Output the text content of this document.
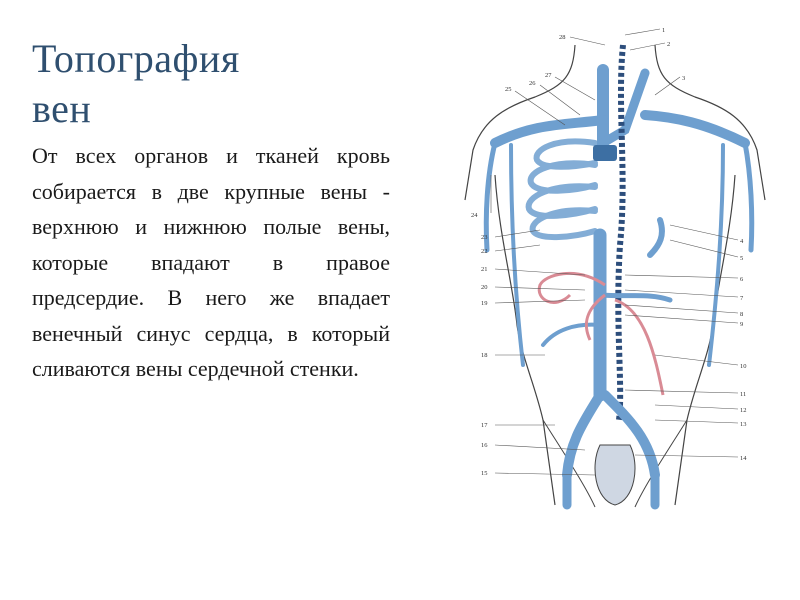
Топография
вен

От всех органов и тканей кровь собирается в две крупные вены - верхнюю и нижнюю полые вены, которые впадают в правое предсердие. В него же впадает венечный синус сердца, в который сливаются вены сердечной стенки.

1
2
3
4
5
6
7
8
9
10
11
12
13
14
28
27
26
25
24
23
22
21
20
19
18
17
16
15
